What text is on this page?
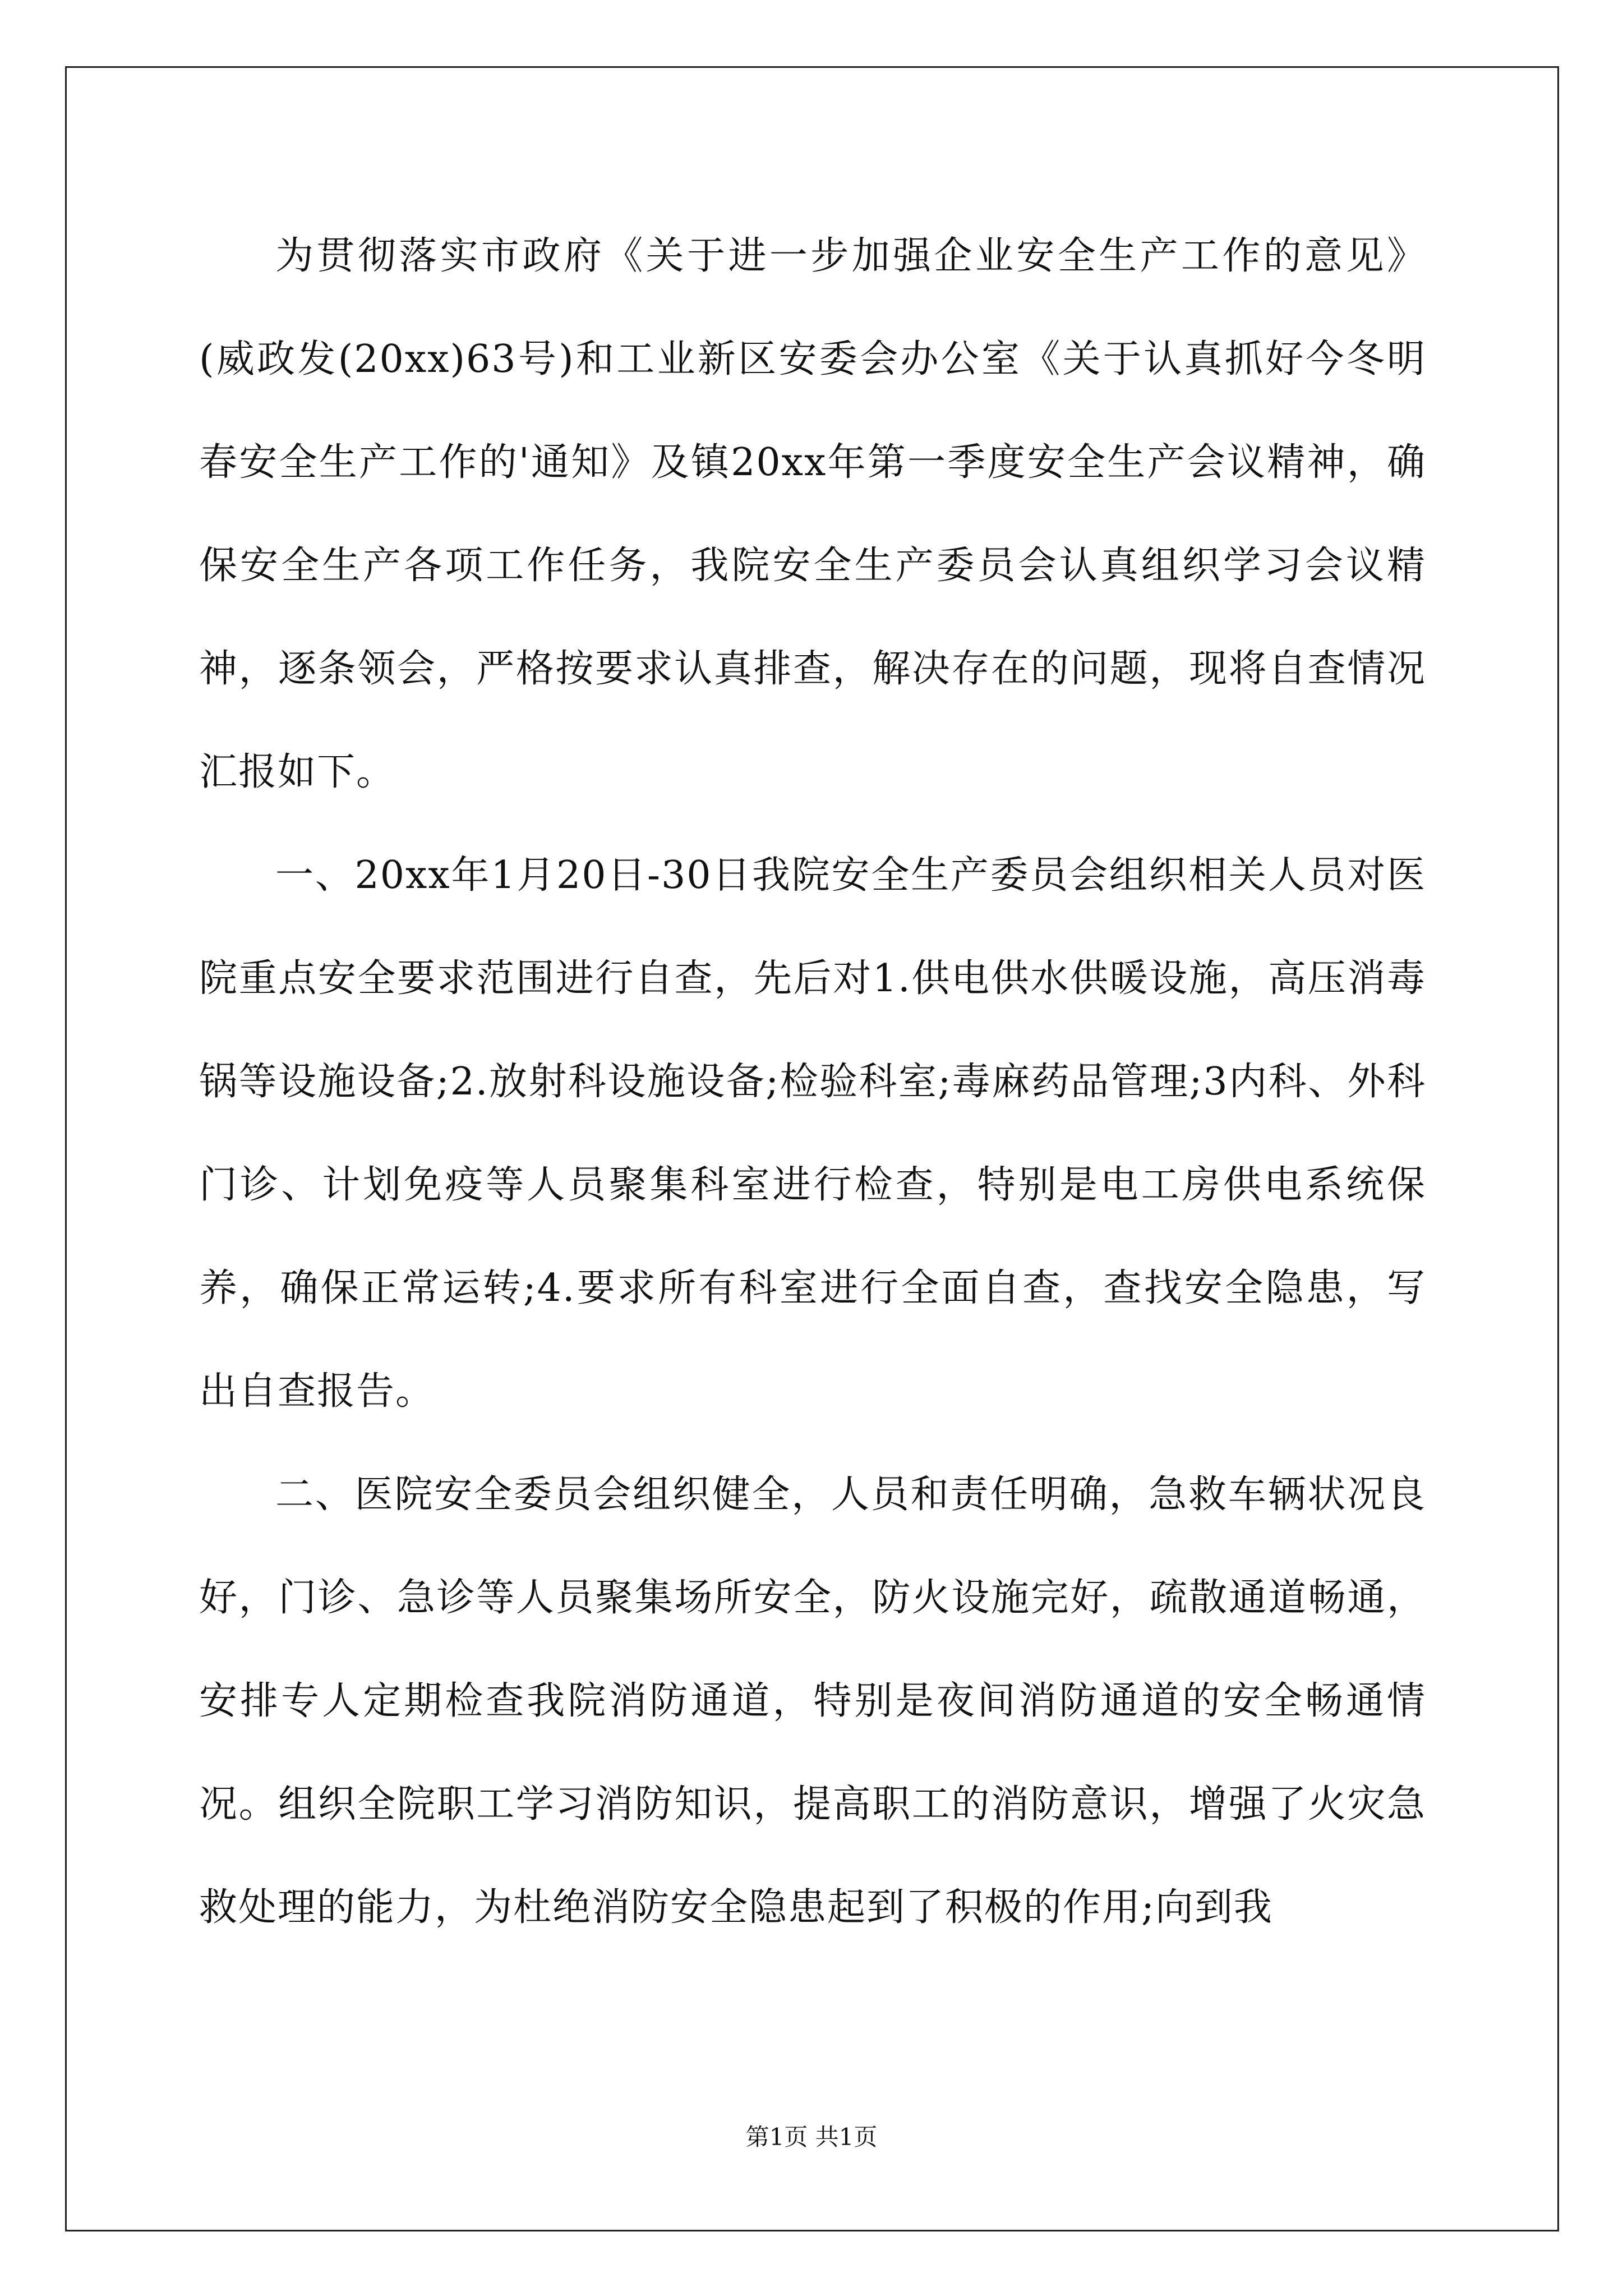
为贯彻落实市政府《关于进一步加强企业安全生产工作的意见》(威政发(20xx)63号)和工业新区安委会办公室《关于认真抓好今冬明春安全生产工作的'通知》及镇20xx年第一季度安全生产会议精神，确保安全生产各项工作任务，我院安全生产委员会认真组织学习会议精神，逐条领会，严格按要求认真排查，解决存在的问题，现将自查情况汇报如下。

一、20xx年1月20日-30日我院安全生产委员会组织相关人员对医院重点安全要求范围进行自查，先后对1.供电供水供暖设施，高压消毒锅等设施设备;2.放射科设施设备;检验科室;毒麻药品管理;3内科、外科门诊、计划免疫等人员聚集科室进行检查，特别是电工房供电系统保养，确保正常运转;4.要求所有科室进行全面自查，查找安全隐患，写出自查报告。

二、医院安全委员会组织健全，人员和责任明确，急救车辆状况良好，门诊、急诊等人员聚集场所安全，防火设施完好，疏散通道畅通，安排专人定期检查我院消防通道，特别是夜间消防通道的安全畅通情况。组织全院职工学习消防知识，提高职工的消防意识，增强了火灾急救处理的能力，为杜绝消防安全隐患起到了积极的作用;向到我

第1页 共1页
